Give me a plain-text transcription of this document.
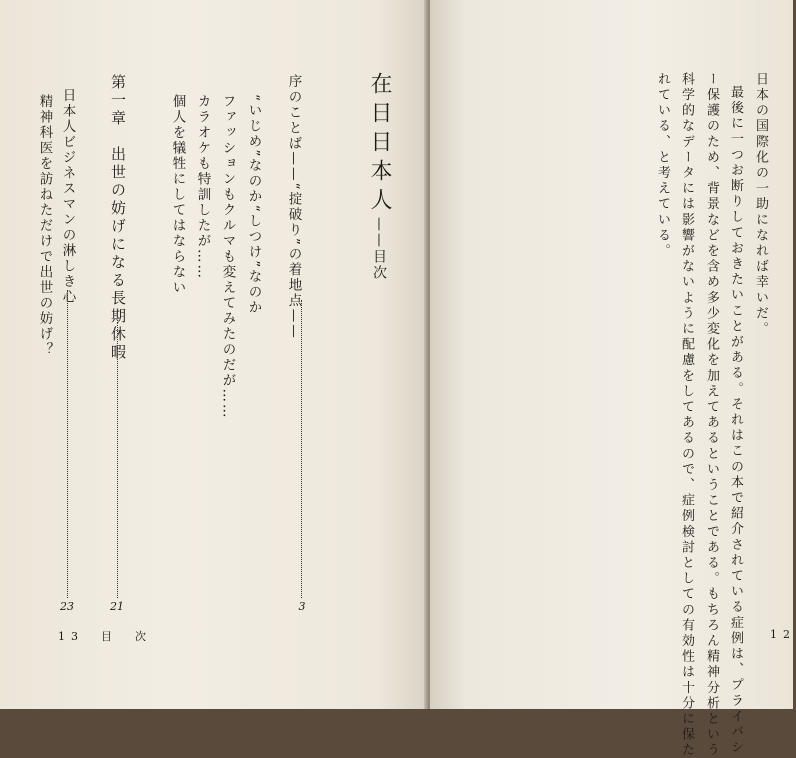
在日日本人——目次
序のことば——“掟破り”の着地点——
3
“いじめ”なのか“しつけ”なのか
ファッションもクルマも変えてみたのだが……
カラオケも特訓したが……
個人を犠牲にしてはならない
第一章　出世の妨げになる長期休暇
21
日本人ビジネスマンの淋しき心
23
精神科医を訪ねただけで出世の妨げ？
13　目　次
日本の国際化の一助になれば幸いだ。
最後に一つお断りしておきたいことがある。それはこの本で紹介されている症例は、プライバシ
ー保護のため、背景などを含め多少変化を加えてあるということである。もちろん精神分析という
科学的なデータには影響がないように配慮をしてあるので、症例検討としての有効性は十分に保た
れている、と考えている。
12
